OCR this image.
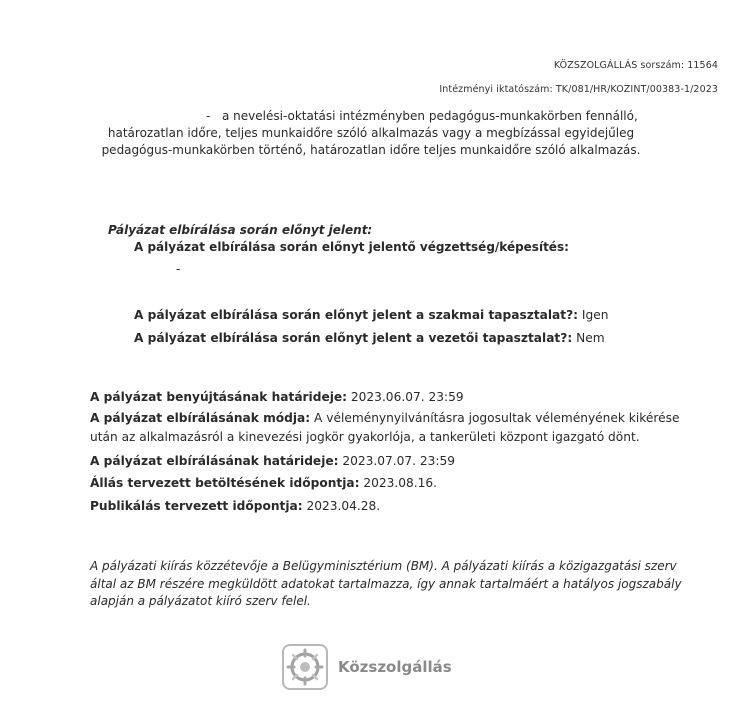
KÖZSZOLGÁLLÁS sorszám: 11564
Intézményi iktatószám: TK/081/HR/KOZINT/00383-1/2023
- a nevelési-oktatási intézményben pedagógus-munkakörben fennálló,
határozatlan időre, teljes munkaidőre szóló alkalmazás vagy a megbízással egyidejűleg
pedagógus-munkakörben történő, határozatlan időre teljes munkaidőre szóló alkalmazás.
Pályázat elbírálása során előnyt jelent:
A pályázat elbírálása során előnyt jelentő végzettség/képesítés:
-
A pályázat elbírálása során előnyt jelent a szakmai tapasztalat?: Igen
A pályázat elbírálása során előnyt jelent a vezetői tapasztalat?: Nem
A pályázat benyújtásának határideje: 2023.06.07. 23:59
A pályázat elbírálásának módja: A véleménynyilvánításra jogosultak véleményének kikérése
után az alkalmazásról a kinevezési jogkör gyakorlója, a tankerületi központ igazgató dönt.
A pályázat elbírálásának határideje: 2023.07.07. 23:59
Állás tervezett betöltésének időpontja: 2023.08.16.
Publikálás tervezett időpontja: 2023.04.28.
A pályázati kiírás közzétevője a Belügyminisztérium (BM). A pályázati kiírás a közigazgatási szerv
által az BM részére megküldött adatokat tartalmazza, így annak tartalmáért a hatályos jogszabály
alapján a pályázatot kiíró szerv felel.
Közszolgállás
